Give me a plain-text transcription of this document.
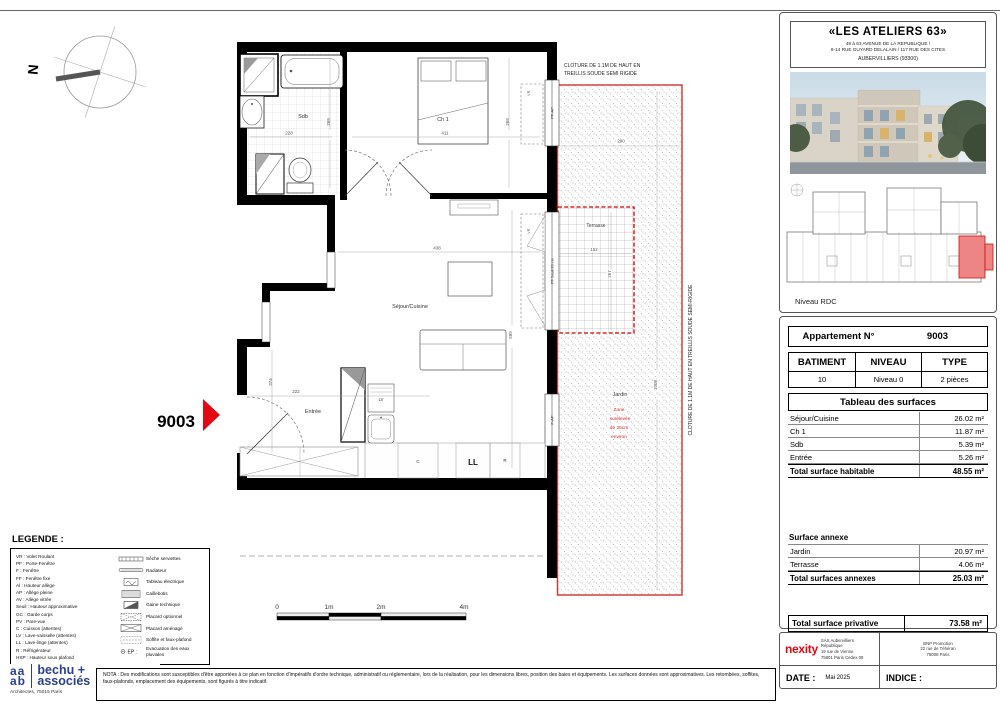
PF-AP
PF Seuil 20 cm
F-AP
VR
VR
C	LL	R
LV
228
269
411
269
438
589
374
222
152
267
290
1008
Sdb	Ch 1
Séjour/Cuisine
Entrée
Terrasse
Jardin
Zone
surélevée
de 25cm
environ
CLOTURE DE 1.1M DE HAUT EN
TREILLIS SOUDE SEMI RIGIDE
CLOTURE DE 1.1M DE HAUT EN TREILLIS SOUDE SEMI-RIGIDE
9003
N
0	1m	2m	4m
«LES ATELIERS 63»
49 à 63 AVENUE DE LA REPUBLIQUE /
8-14 RUE GUYARD DELALAIN / 117 RUE DES CITES
AUBERVILLIERS (93300)
Niveau RDC
Appartement N°	9003
BATIMENT	NIVEAU	TYPE
10	Niveau 0	2 pièces
Tableau des surfaces
Séjour/Cuisine	26.02 m²
Ch 1	11.87 m²
Sdb	5.39 m²
Entrée	5.26 m²
Total surface habitable	48.55 m²
Surface annexe
Jardin	20.97 m²
Terrasse	4.06 m²
Total surfaces annexes	25.03 m²
Total surface privative	73.58 m²
nexity
SAS Aubervilliers
République
19 rue de Vienne
75801 Paris Cedex 08
BNP Promotion
22 rue de Téhéran
75008 Paris
DATE : Mai 2025	INDICE :
LEGENDE :
VR : Volet Roulant
PF : Porte-Fenêtre
F : Fenêtre
FF : Fenêtre fixe
Al : Hauteur allège
AP : Allège pleine
AV : Allège vitrée
Seuil : Hauteur approximative
GC : Garde corps
PV : Pare-vue
C : Cuisson (attentes)
LV : Lave-vaisselle (attentes)
LL : Lave-linge (attentes)
R : Réfrigérateur
HSP : Hauteur sous plafond
Sèche serviettes
Radiateur
Tableau électrique
Caillebotis
Gaine technique
Placard optionnel
Placard aménagé
Soffite et faux-plafond
EP :
Evacuation des eaux pluviales
aa
ab
bechu +
associés
Architectes, 75015 Paris
NOTA : Des modifications sont susceptibles d'être apportées à ce plan en fonction d'impératifs d'ordre technique, administratif ou réglementaire, lors de la réalisation, pour les dimensions libres, position des baies et équipements. Les surfaces données sont approximatives. Les retombées, soffites, faux-plafonds, emplacement des équipements, sont figurés à titre indicatif.
